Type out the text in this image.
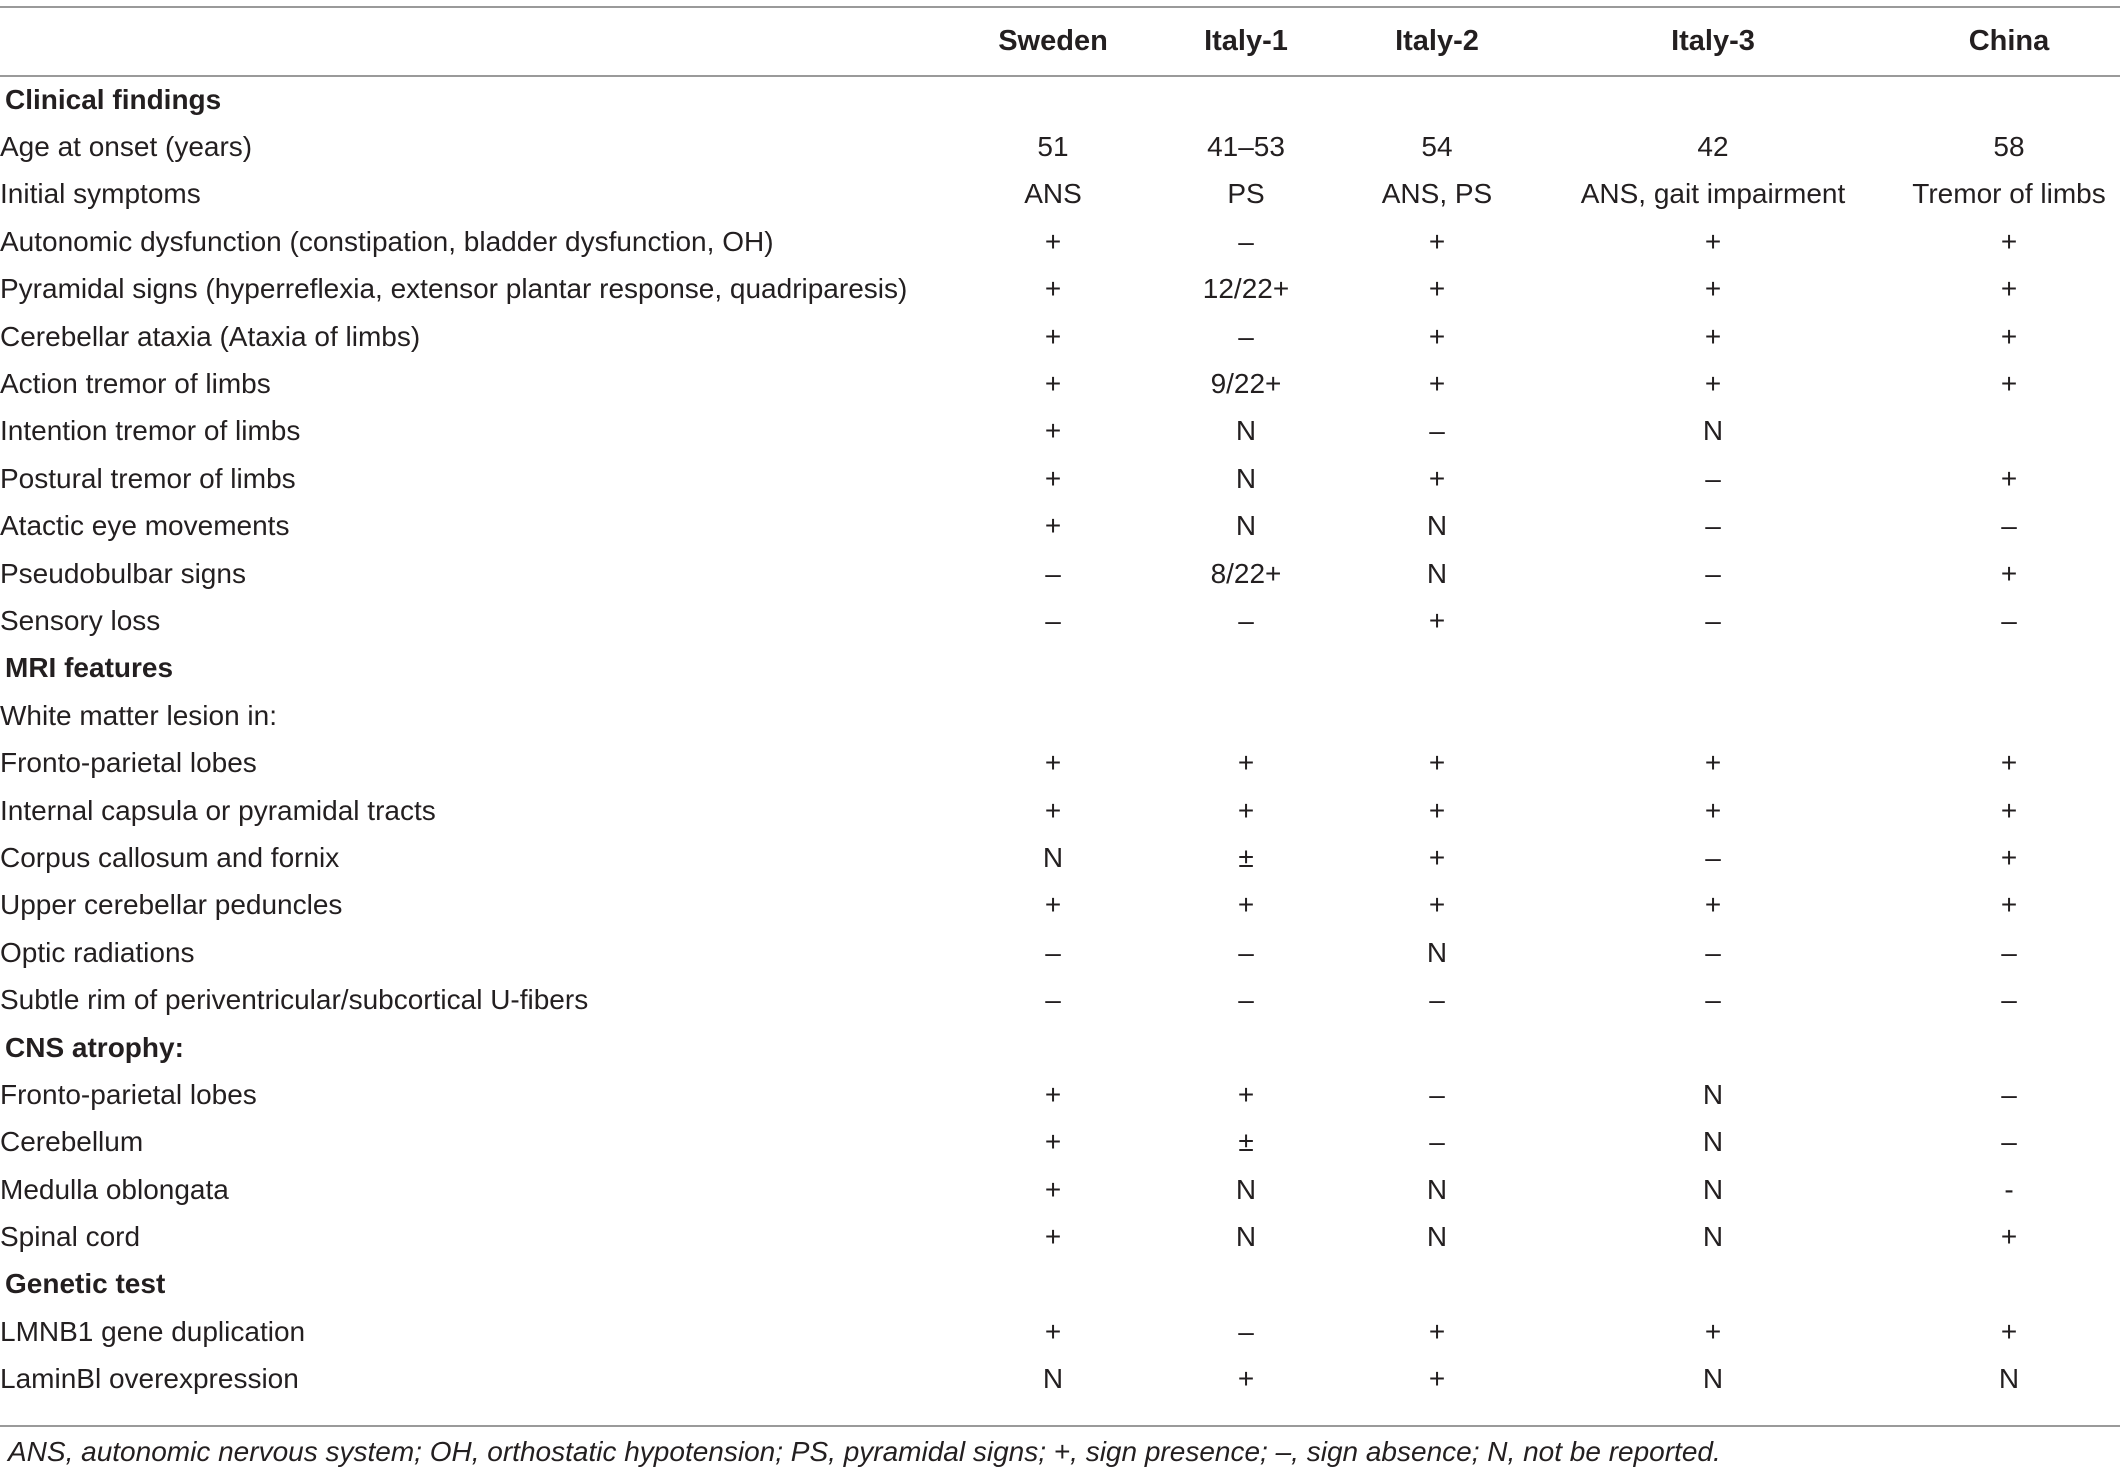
	Sweden	Italy-1	Italy-2	Italy-3	China
Clinical findings					
Age at onset (years)	51	41–53	54	42	58
Initial symptoms	ANS	PS	ANS, PS	ANS, gait impairment	Tremor of limbs
Autonomic dysfunction (constipation, bladder dysfunction, OH)	+	–	+	+	+
Pyramidal signs (hyperreflexia, extensor plantar response, quadriparesis)	+	12/22+	+	+	+
Cerebellar ataxia (Ataxia of limbs)	+	–	+	+	+
Action tremor of limbs	+	9/22+	+	+	+
Intention tremor of limbs	+	N	–	N	
Postural tremor of limbs	+	N	+	–	+
Atactic eye movements	+	N	N	–	–
Pseudobulbar signs	–	8/22+	N	–	+
Sensory loss	–	–	+	–	–
MRI features					
White matter lesion in:					
Fronto-parietal lobes	+	+	+	+	+
Internal capsula or pyramidal tracts	+	+	+	+	+
Corpus callosum and fornix	N	±	+	–	+
Upper cerebellar peduncles	+	+	+	+	+
Optic radiations	–	–	N	–	–
Subtle rim of periventricular/subcortical U-fibers	–	–	–	–	–
CNS atrophy:					
Fronto-parietal lobes	+	+	–	N	–
Cerebellum	+	±	–	N	–
Medulla oblongata	+	N	N	N	-
Spinal cord	+	N	N	N	+
Genetic test					
LMNB1 gene duplication	+	–	+	+	+
LaminBl overexpression	N	+	+	N	N
ANS, autonomic nervous system; OH, orthostatic hypotension; PS, pyramidal signs; +, sign presence; –, sign absence; N, not be reported.
